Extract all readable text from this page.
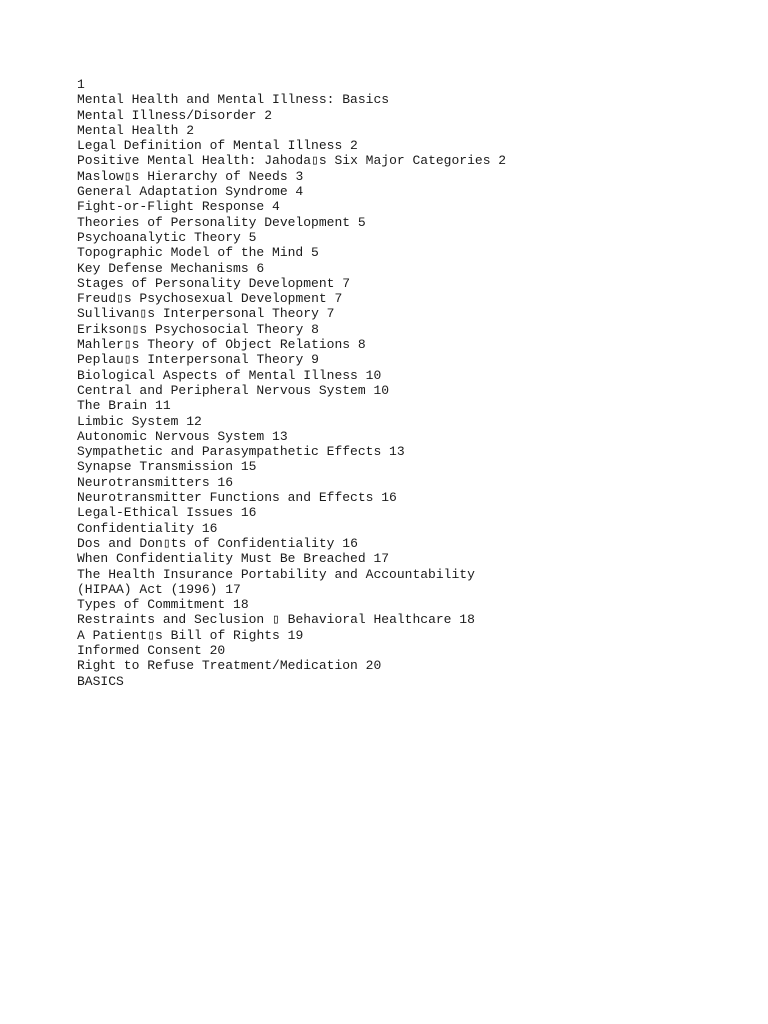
1
Mental Health and Mental Illness: Basics
Mental Illness/Disorder 2
Mental Health 2
Legal Definition of Mental Illness 2
Positive Mental Health: Jahoda▯s Six Major Categories 2
Maslow▯s Hierarchy of Needs 3
General Adaptation Syndrome 4
Fight-or-Flight Response 4
Theories of Personality Development 5
Psychoanalytic Theory 5
Topographic Model of the Mind 5
Key Defense Mechanisms 6
Stages of Personality Development 7
Freud▯s Psychosexual Development 7
Sullivan▯s Interpersonal Theory 7
Erikson▯s Psychosocial Theory 8
Mahler▯s Theory of Object Relations 8
Peplau▯s Interpersonal Theory 9
Biological Aspects of Mental Illness 10
Central and Peripheral Nervous System 10
The Brain 11
Limbic System 12
Autonomic Nervous System 13
Sympathetic and Parasympathetic Effects 13
Synapse Transmission 15
Neurotransmitters 16
Neurotransmitter Functions and Effects 16
Legal-Ethical Issues 16
Confidentiality 16
Dos and Don▯ts of Confidentiality 16
When Confidentiality Must Be Breached 17
The Health Insurance Portability and Accountability
(HIPAA) Act (1996) 17
Types of Commitment 18
Restraints and Seclusion ▯ Behavioral Healthcare 18
A Patient▯s Bill of Rights 19
Informed Consent 20
Right to Refuse Treatment/Medication 20
BASICS
